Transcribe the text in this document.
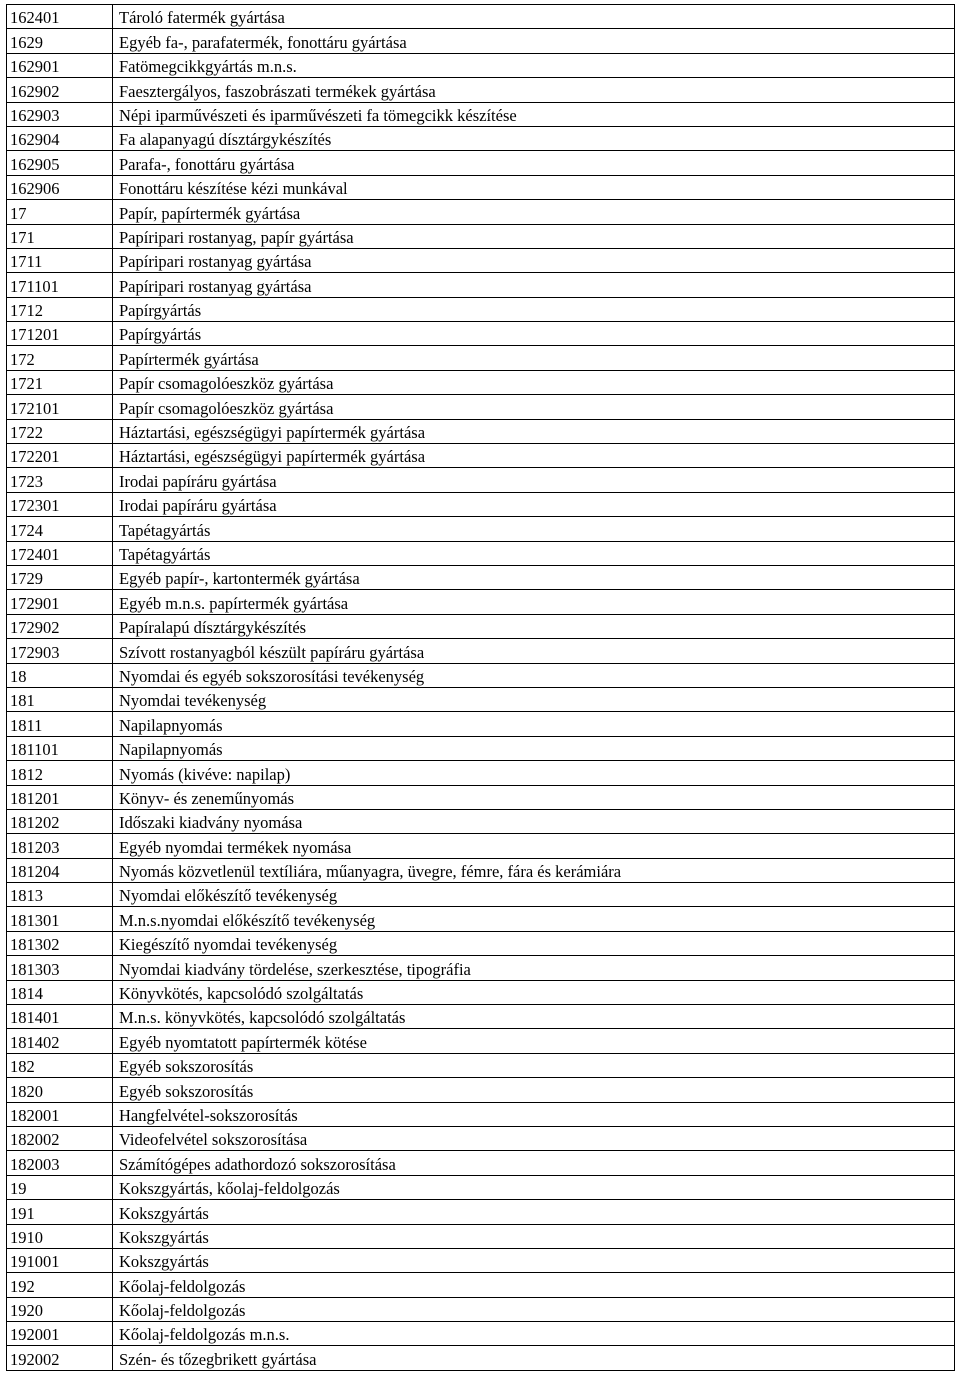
162401	Tároló fatermék gyártása
1629	Egyéb fa-, parafatermék, fonottáru gyártása
162901	Fatömegcikkgyártás m.n.s.
162902	Faesztergályos, faszobrászati termékek gyártása
162903	Népi iparművészeti és iparművészeti fa tömegcikk készítése
162904	Fa alapanyagú dísztárgykészítés
162905	Parafa-, fonottáru gyártása
162906	Fonottáru készítése kézi munkával
17	Papír, papírtermék gyártása
171	Papíripari rostanyag, papír gyártása
1711	Papíripari rostanyag gyártása
171101	Papíripari rostanyag gyártása
1712	Papírgyártás
171201	Papírgyártás
172	Papírtermék gyártása
1721	Papír csomagolóeszköz gyártása
172101	Papír csomagolóeszköz gyártása
1722	Háztartási, egészségügyi papírtermék gyártása
172201	Háztartási, egészségügyi papírtermék gyártása
1723	Irodai papíráru gyártása
172301	Irodai papíráru gyártása
1724	Tapétagyártás
172401	Tapétagyártás
1729	Egyéb papír-, kartontermék gyártása
172901	Egyéb m.n.s. papírtermék gyártása
172902	Papíralapú dísztárgykészítés
172903	Szívott rostanyagból készült papíráru gyártása
18	Nyomdai és egyéb sokszorosítási tevékenység
181	Nyomdai tevékenység
1811	Napilapnyomás
181101	Napilapnyomás
1812	Nyomás (kivéve: napilap)
181201	Könyv- és zeneműnyomás
181202	Időszaki kiadvány nyomása
181203	Egyéb nyomdai termékek nyomása
181204	Nyomás közvetlenül textíliára, műanyagra, üvegre, fémre, fára és kerámiára
1813	Nyomdai előkészítő tevékenység
181301	M.n.s.nyomdai előkészítő tevékenység
181302	Kiegészítő nyomdai tevékenység
181303	Nyomdai kiadvány tördelése, szerkesztése, tipográfia
1814	Könyvkötés, kapcsolódó szolgáltatás
181401	M.n.s. könyvkötés, kapcsolódó szolgáltatás
181402	Egyéb nyomtatott papírtermék kötése
182	Egyéb sokszorosítás
1820	Egyéb sokszorosítás
182001	Hangfelvétel-sokszorosítás
182002	Videofelvétel sokszorosítása
182003	Számítógépes adathordozó sokszorosítása
19	Kokszgyártás, kőolaj-feldolgozás
191	Kokszgyártás
1910	Kokszgyártás
191001	Kokszgyártás
192	Kőolaj-feldolgozás
1920	Kőolaj-feldolgozás
192001	Kőolaj-feldolgozás m.n.s.
192002	Szén- és tőzegbrikett gyártása
